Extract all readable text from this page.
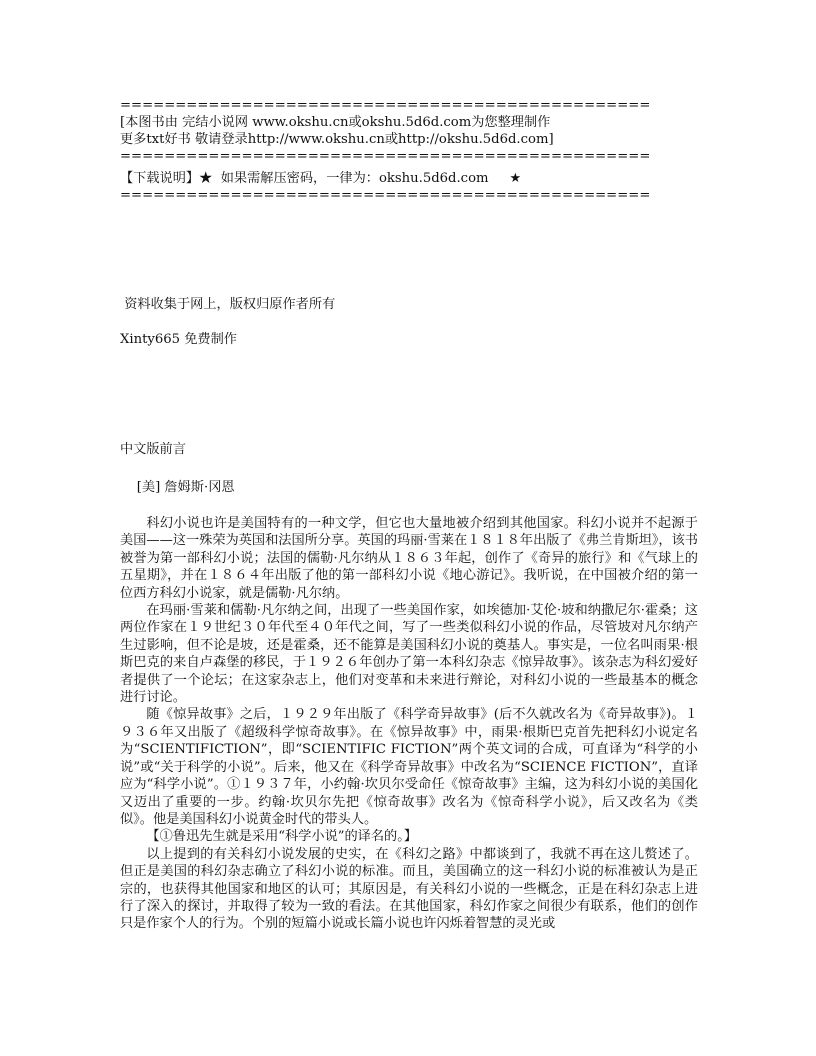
================================================
[本图书由 完结小说网 www.okshu.cn或okshu.5d6d.com为您整理制作
更多txt好书 敬请登录http://www.okshu.cn或http://okshu.5d6d.com]
================================================
【下载说明】★  如果需解压密码，一律为：okshu.5d6d.com     ★
================================================
资料收集于网上，版权归原作者所有
Xinty665 免费制作
中文版前言
[美] 詹姆斯·冈恩

科幻小说也许是美国特有的一种文学，但它也大量地被介绍到其他国家。科幻小说并不起源于美国——这一殊荣为英国和法国所分享。英国的玛丽·雪莱在１８１８年出版了《弗兰肯斯坦》，该书被誉为第一部科幻小说；法国的儒勒·凡尔纳从１８６３年起，创作了《奇异的旅行》和《气球上的五星期》，并在１８６４年出版了他的第一部科幻小说《地心游记》。我听说，在中国被介绍的第一位西方科幻小说家，就是儒勒·凡尔纳。

在玛丽·雪莱和儒勒·凡尔纳之间，出现了一些美国作家，如埃德加·艾伦·坡和纳撒尼尔·霍桑；这两位作家在１９世纪３０年代至４０年代之间，写了一些类似科幻小说的作品，尽管坡对凡尔纳产生过影响，但不论是坡，还是霍桑，还不能算是美国科幻小说的奠基人。事实是，一位名叫雨果·根斯巴克的来自卢森堡的移民，于１９２６年创办了第一本科幻杂志《惊异故事》。该杂志为科幻爱好者提供了一个论坛；在这家杂志上，他们对变革和未来进行辩论，对科幻小说的一些最基本的概念进行讨论。

随《惊异故事》之后，１９２９年出版了《科学奇异故事》(后不久就改名为《奇异故事》)。１９３６年又出版了《超级科学惊奇故事》。在《惊异故事》中，雨果·根斯巴克首先把科幻小说定名为“SCIENTIFICTION”，即“SCIENTIFIC FICTION”两个英文词的合成，可直译为“科学的小说”或“关于科学的小说”。后来，他又在《科学奇异故事》中改名为“SCIENCE FICTION”，直译应为“科学小说”。①１９３７年，小约翰·坎贝尔受命任《惊奇故事》主编，这为科幻小说的美国化又迈出了重要的一步。约翰·坎贝尔先把《惊奇故事》改名为《惊奇科学小说》，后又改名为《类似》。他是美国科幻小说黄金时代的带头人。

【①鲁迅先生就是采用“科学小说”的译名的。】

以上提到的有关科幻小说发展的史实，在《科幻之路》中都谈到了，我就不再在这儿赘述了。但正是美国的科幻杂志确立了科幻小说的标准。而且，美国确立的这一科幻小说的标准被认为是正宗的，也获得其他国家和地区的认可；其原因是，有关科幻小说的一些概念，正是在科幻杂志上进行了深入的探讨，并取得了较为一致的看法。在其他国家，科幻作家之间很少有联系，他们的创作只是作家个人的行为。个别的短篇小说或长篇小说也许闪烁着智慧的灵光或
